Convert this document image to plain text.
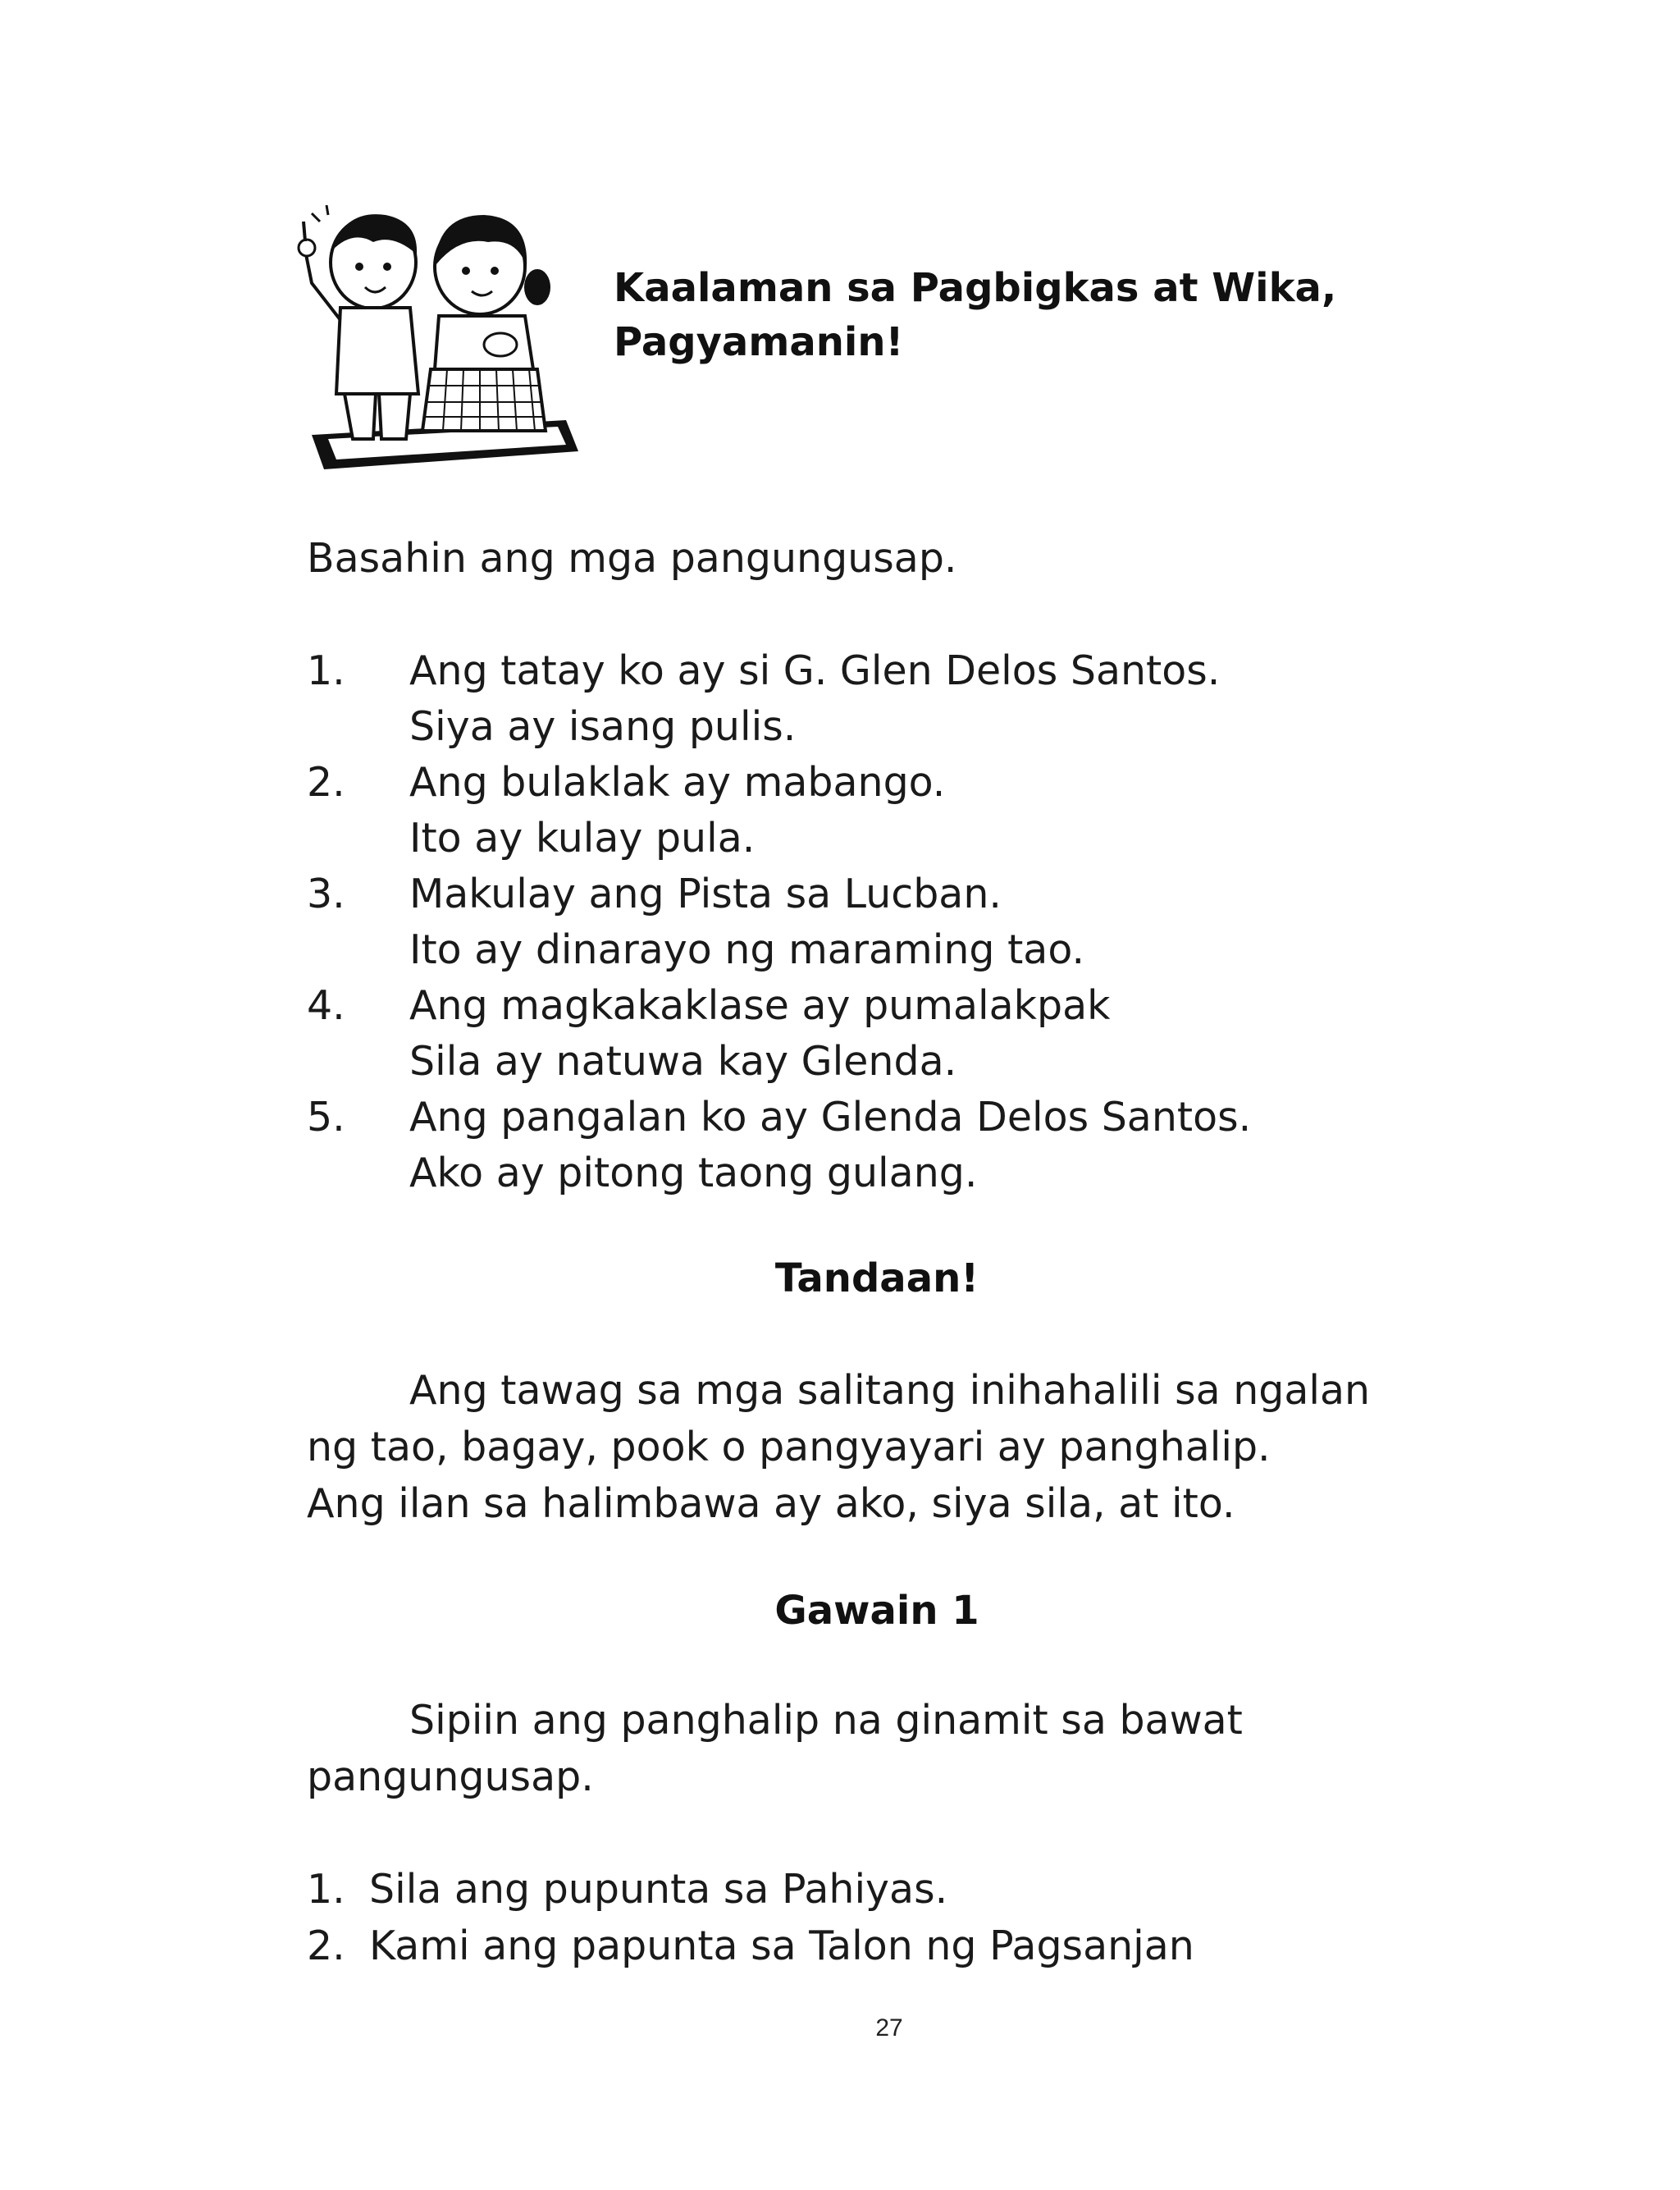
Kaalaman sa Pagbigkas at Wika,
Pagyamanin!
Basahin ang mga pangungusap.
1. Ang tatay ko ay si G. Glen Delos Santos.
Siya ay isang pulis.
2. Ang bulaklak ay mabango.
Ito ay kulay pula.
3. Makulay ang Pista sa Lucban.
Ito ay dinarayo ng maraming tao.
4. Ang magkakaklase ay pumalakpak
Sila ay natuwa kay Glenda.
5. Ang pangalan ko ay Glenda Delos Santos.
Ako ay pitong taong gulang.
Tandaan!
Ang tawag sa mga salitang inihahalili sa ngalan
ng tao, bagay, pook o pangyayari ay panghalip.
Ang ilan sa halimbawa ay ako, siya sila, at ito.
Gawain 1
Sipiin ang panghalip na ginamit sa bawat
pangungusap.
1. Sila ang pupunta sa Pahiyas.
2. Kami ang papunta sa Talon ng Pagsanjan
27
